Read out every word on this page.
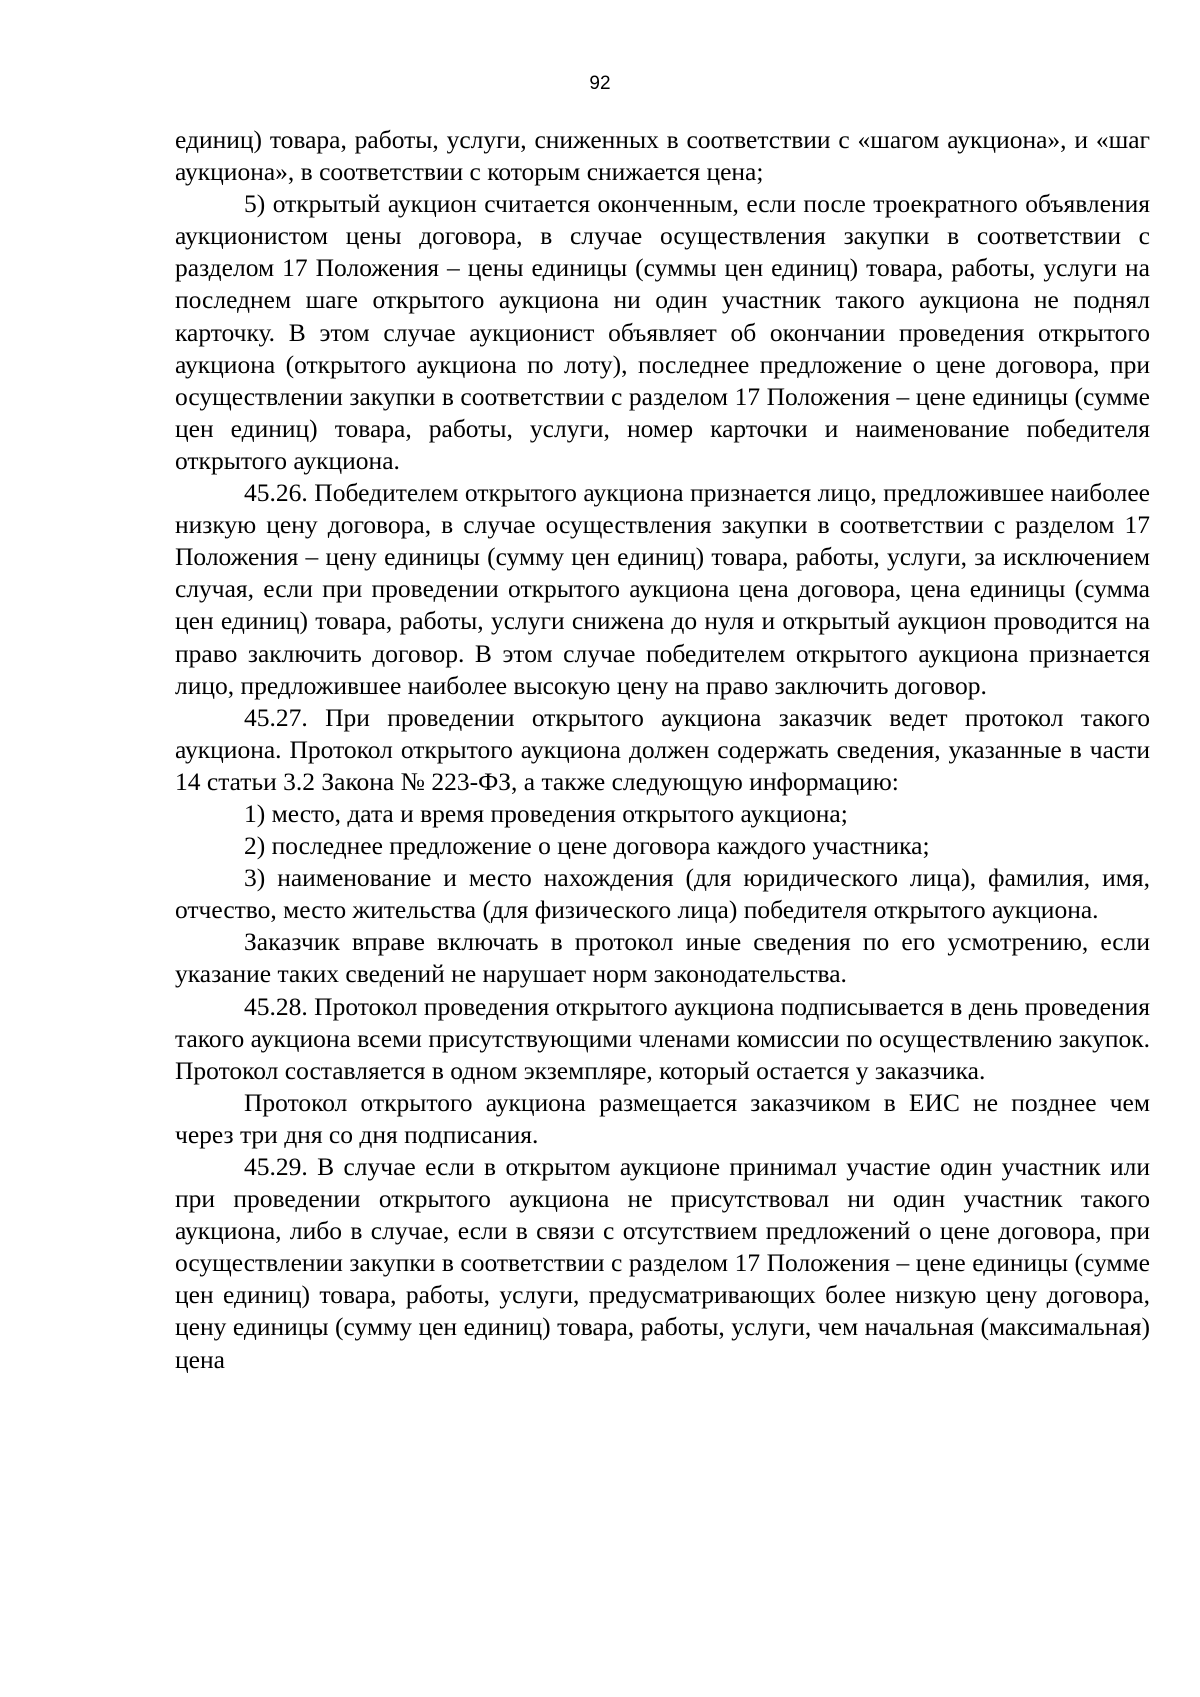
92

единиц) товара, работы, услуги, сниженных в соответствии с «шагом аукциона», и «шаг аукциона», в соответствии с которым снижается цена;

5) открытый аукцион считается оконченным, если после троекратного объявления аукционистом цены договора, в случае осуществления закупки в соответствии с разделом 17 Положения – цены единицы (суммы цен единиц) товара, работы, услуги на последнем шаге открытого аукциона ни один участник такого аукциона не поднял карточку. В этом случае аукционист объявляет об окончании проведения открытого аукциона (открытого аукциона по лоту), последнее предложение о цене договора, при осуществлении закупки в соответствии с разделом 17 Положения – цене единицы (сумме цен единиц) товара, работы, услуги, номер карточки и наименование победителя открытого аукциона.

45.26. Победителем открытого аукциона признается лицо, предложившее наиболее низкую цену договора, в случае осуществления закупки в соответствии с разделом 17 Положения – цену единицы (сумму цен единиц) товара, работы, услуги, за исключением случая, если при проведении открытого аукциона цена договора, цена единицы (сумма цен единиц) товара, работы, услуги снижена до нуля и открытый аукцион проводится на право заключить договор. В этом случае победителем открытого аукциона признается лицо, предложившее наиболее высокую цену на право заключить договор.

45.27. При проведении открытого аукциона заказчик ведет протокол такого аукциона. Протокол открытого аукциона должен содержать сведения, указанные в части 14 статьи 3.2 Закона № 223-ФЗ, а также следующую информацию:

1) место, дата и время проведения открытого аукциона;

2) последнее предложение о цене договора каждого участника;

3) наименование и место нахождения (для юридического лица), фамилия, имя, отчество, место жительства (для физического лица) победителя открытого аукциона.

Заказчик вправе включать в протокол иные сведения по его усмотрению, если указание таких сведений не нарушает норм законодательства.

45.28. Протокол проведения открытого аукциона подписывается в день проведения такого аукциона всеми присутствующими членами комиссии по осуществлению закупок. Протокол составляется в одном экземпляре, который остается у заказчика.

Протокол открытого аукциона размещается заказчиком в ЕИС не позднее чем через три дня со дня подписания.

45.29. В случае если в открытом аукционе принимал участие один участник или при проведении открытого аукциона не присутствовал ни один участник такого аукциона, либо в случае, если в связи с отсутствием предложений о цене договора, при осуществлении закупки в соответствии с разделом 17 Положения – цене единицы (сумме цен единиц) товара, работы, услуги, предусматривающих более низкую цену договора, цену единицы (сумму цен единиц) товара, работы, услуги, чем начальная (максимальная) цена
